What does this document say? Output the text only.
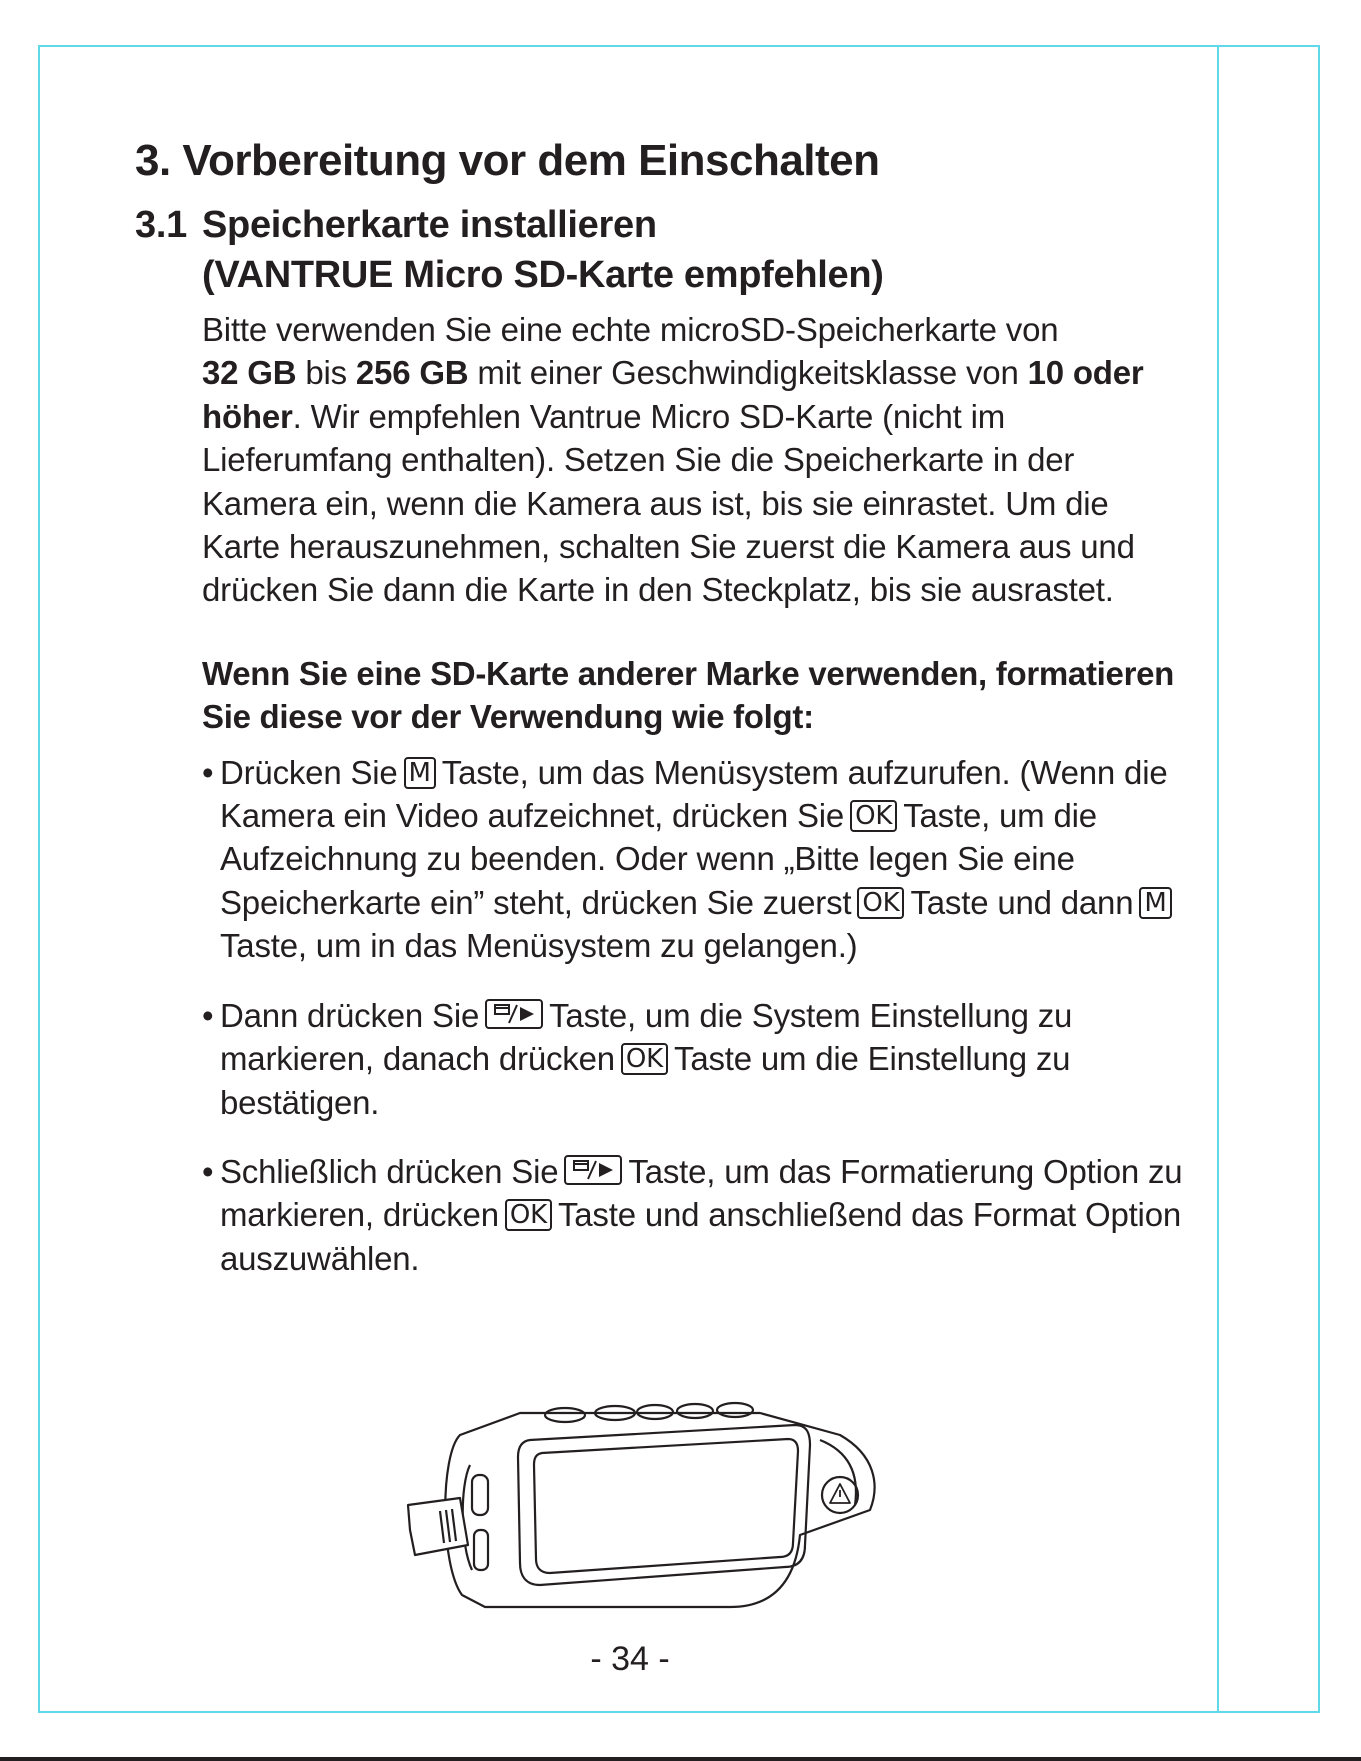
3. Vorbereitung vor dem Einschalten
3.1 Speicherkarte installieren
(VANTRUE Micro SD-Karte empfehlen)

Bitte verwenden Sie eine echte microSD-Speicherkarte von
32 GB bis 256 GB mit einer Geschwindigkeitsklasse von 10 oder höher. Wir empfehlen Vantrue Micro SD-Karte (nicht im Lieferumfang enthalten). Setzen Sie die Speicherkarte in der Kamera ein, wenn die Kamera aus ist, bis sie einrastet. Um die Karte herauszunehmen, schalten Sie zuerst die Kamera aus und drücken Sie dann die Karte in den Steckplatz, bis sie ausrastet.

Wenn Sie eine SD-Karte anderer Marke verwenden, formatieren Sie diese vor der Verwendung wie folgt:

• Drücken Sie M Taste, um das Menüsystem aufzurufen. (Wenn die Kamera ein Video aufzeichnet, drücken Sie OK Taste, um die Aufzeichnung zu beenden. Oder wenn „Bitte legen Sie eine Speicherkarte ein” steht, drücken Sie zuerst OK Taste und dann MTaste, um in das Menüsystem zu gelangen.)
• Dann drücken Sie Taste, um die System Einstellung zu markieren, danach drücken OK Taste um die Einstellung zu bestätigen.
• Schließlich drücken Sie Taste, um das Formatierung Option zu markieren, drücken OK Taste und anschließend das Format Option auszuwählen.
- 34 -
